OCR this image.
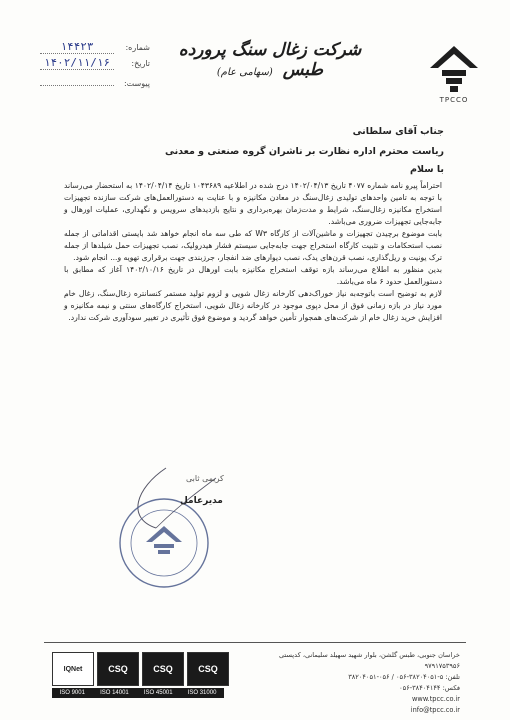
TPCCO
شرکت زغال سنگ پرورده طبس (سهامی عام)
۱۴۴۲۳	شماره:
۱۴۰۲/۱۱/۱۶	تاریخ:
پیوست:
جناب آقای سلطانی
ریاست محترم اداره نظارت بر ناشران گروه صنعتی و معدنی
با سلام

احتراماً پیرو نامه شماره ۴۰۷۷ تاریخ ۱۴۰۲/۰۴/۱۳ درج شده در اطلاعیه ۱۰۴۳۶۸۹ تاریخ ۱۴۰۲/۰۴/۱۴ به استحضار می‌رساند با توجه به تامین واحدهای تولیدی زغال‌سنگ در معادن مکانیزه و با عنایت به دستورالعمل‌های شرکت سازنده تجهیزات استخراج مکانیزه زغال‌سنگ، شرایط و مدت‌زمان بهره‌برداری و نتایج بازدیدهای سرویس و نگهداری، عملیات اورهال و جابه‌جایی تجهیزات ضروری می‌باشد.

بابت موضوع برچیدن تجهیزات و ماشین‌آلات از کارگاه W۳ که طی سه ماه انجام خواهد شد بایستی اقداماتی از جمله نصب استحکامات و تثبیت کارگاه استخراج جهت جابه‌جایی سیستم فشار هیدرولیک، نصب تجهیزات حمل شیلدها از جمله ترک یونیت و ریل‌گذاری، نصب قرن‌های یدک، نصب دیوارهای ضد انفجار، جرزبندی جهت برقراری تهویه و... انجام شود.

بدین منظور به اطلاع می‌رساند بازه توقف استخراج مکانیزه بابت اورهال در تاریخ ۱۴۰۲/۱۰/۱۶ آغاز که مطابق با دستورالعمل حدود ۶ ماه می‌باشد.

لازم به توضیح است باتوجه‌به نیاز خوراک‌دهی کارخانه زغال شویی و لزوم تولید مستمر کنسانتره زغال‌سنگ، زغال خام مورد نیاز در بازه زمانی فوق از محل دپوی موجود در کارخانه زغال شویی، استخراج کارگاه‌های سنتی و نیمه مکانیزه و افزایش خرید زغال خام از شرکت‌های همجوار تأمین خواهد گردید و موضوع فوق تأثیری در تغییر سودآوری شرکت ندارد.

کریمی ثابی
مدیرعامل
IQNet	CSQ	CSQ	CSQ
ISO 9001	ISO 14001	ISO 45001	ISO 31000
خراسان جنوبی، طبس گلشن، بلوار شهید سهیلد سلیمانی، کدپستی ۹۷۹۱۷۵۳۹۵۶
تلفن: ۵-۳۸۲۰۴۰۵۱-۰۵۶ / ۰۵۶-۳۸۲۰۴۰۵۱
فکس: ۳۸۴۰۴۱۴۴-۰۵۶
www.tpcc.co.ir
info@tpcc.co.ir
